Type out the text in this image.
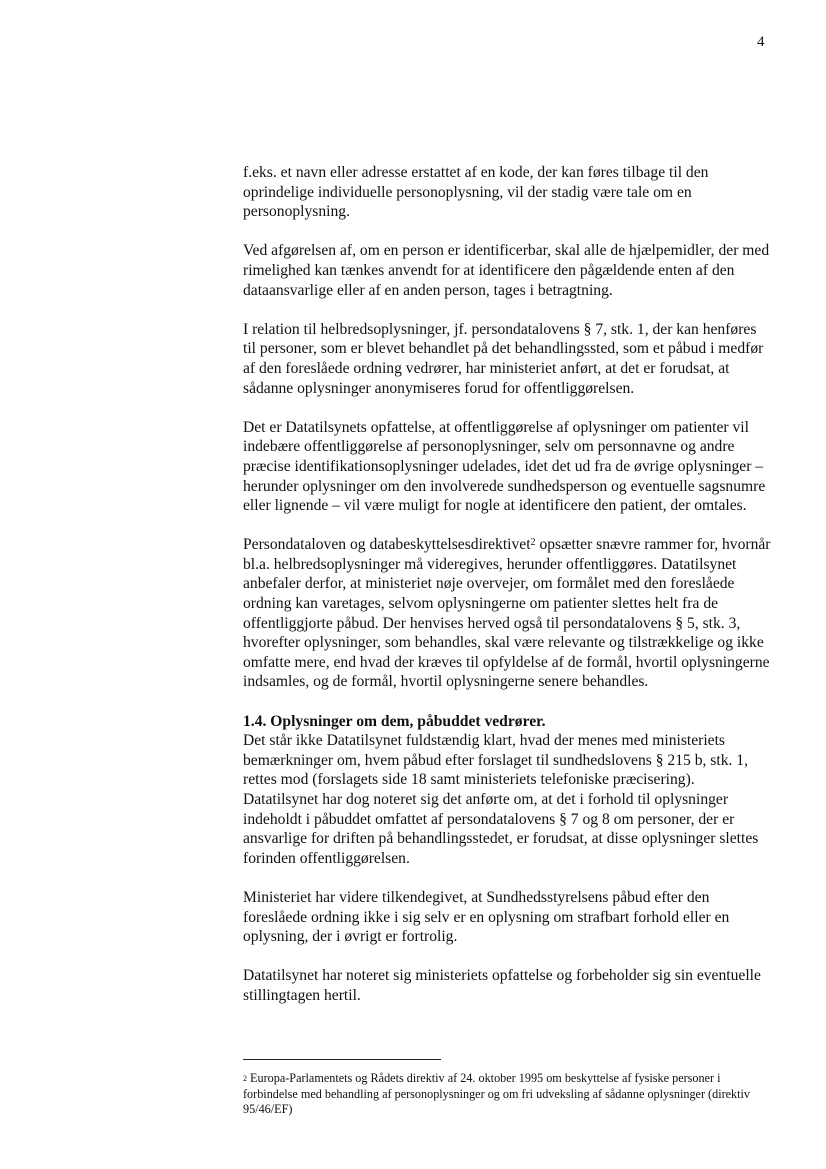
4

f.eks. et navn eller adresse erstattet af en kode, der kan føres tilbage til den oprindelige individuelle personoplysning, vil der stadig være tale om en personoplysning.

Ved afgørelsen af, om en person er identificerbar, skal alle de hjælpemidler, der med rimelighed kan tænkes anvendt for at identificere den pågældende enten af den dataansvarlige eller af en anden person, tages i betragtning.

I relation til helbredsoplysninger, jf. persondatalovens § 7, stk. 1, der kan henføres til personer, som er blevet behandlet på det behandlingssted, som et påbud i medfør af den foreslåede ordning vedrører, har ministeriet anført, at det er forudsat, at sådanne oplysninger anonymiseres forud for offentliggørelsen.

Det er Datatilsynets opfattelse, at offentliggørelse af oplysninger om patienter vil indebære offentliggørelse af personoplysninger, selv om personnavne og andre præcise identifikationsoplysninger udelades, idet det ud fra de øvrige oplysninger – herunder oplysninger om den involverede sundhedsperson og eventuelle sagsnumre eller lignende – vil være muligt for nogle at identificere den patient, der omtales.

Persondataloven og databeskyttelsesdirektivet$^2$ opsætter snævre rammer for, hvornår bl.a. helbredsoplysninger må videregives, herunder offentliggøres. Datatilsynet anbefaler derfor, at ministeriet nøje overvejer, om formålet med den foreslåede ordning kan varetages, selvom oplysningerne om patienter slettes helt fra de offentliggjorte påbud. Der henvises herved også til persondatalovens § 5, stk. 3, hvorefter oplysninger, som behandles, skal være relevante og tilstrækkelige og ikke omfatte mere, end hvad der kræves til opfyldelse af de formål, hvortil oplysningerne indsamles, og de formål, hvortil oplysningerne senere behandles.

1.4. Oplysninger om dem, påbuddet vedrører.
Det står ikke Datatilsynet fuldstændig klart, hvad der menes med ministeriets bemærkninger om, hvem påbud efter forslaget til sundhedslovens § 215 b, stk. 1, rettes mod (forslagets side 18 samt ministeriets telefoniske præcisering). Datatilsynet har dog noteret sig det anførte om, at det i forhold til oplysninger indeholdt i påbuddet omfattet af persondatalovens § 7 og 8 om personer, der er ansvarlige for driften på behandlingsstedet, er forudsat, at disse oplysninger slettes forinden offentliggørelsen.

Ministeriet har videre tilkendegivet, at Sundhedsstyrelsens påbud efter den foreslåede ordning ikke i sig selv er en oplysning om strafbart forhold eller en oplysning, der i øvrigt er fortrolig.

Datatilsynet har noteret sig ministeriets opfattelse og forbeholder sig sin eventuelle stillingtagen hertil.

$^2$ Europa-Parlamentets og Rådets direktiv af 24. oktober 1995 om beskyttelse af fysiske personer i forbindelse med behandling af personoplysninger og om fri udveksling af sådanne oplysninger (direktiv 95/46/EF)
